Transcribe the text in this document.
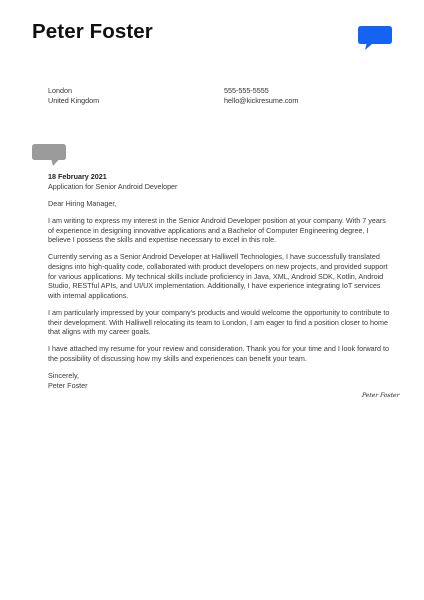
Peter Foster
London
United Kingdom
555-555-5555
hello@kickresume.com
18 February 2021
Application for Senior Android Developer
Dear Hiring Manager,

I am writing to express my interest in the Senior Android Developer position at your company. With 7 years of experience in designing innovative applications and a Bachelor of Computer Engineering degree, I believe I possess the skills and expertise necessary to excel in this role.

Currently serving as a Senior Android Developer at Halliwell Technologies, I have successfully translated designs into high-quality code, collaborated with product developers on new projects, and provided support for various applications. My technical skills include proficiency in Java, XML, Android SDK, Kotlin, Android Studio, RESTful APIs, and UI/UX implementation. Additionally, I have experience integrating IoT services with internal applications.

I am particularly impressed by your company's products and would welcome the opportunity to contribute to their development. With Halliwell relocating its team to London, I am eager to find a position closer to home that aligns with my career goals.

I have attached my resume for your review and consideration. Thank you for your time and I look forward to the possibility of discussing how my skills and experiences can benefit your team.

Sincerely,
Peter Foster
Peter Foster
